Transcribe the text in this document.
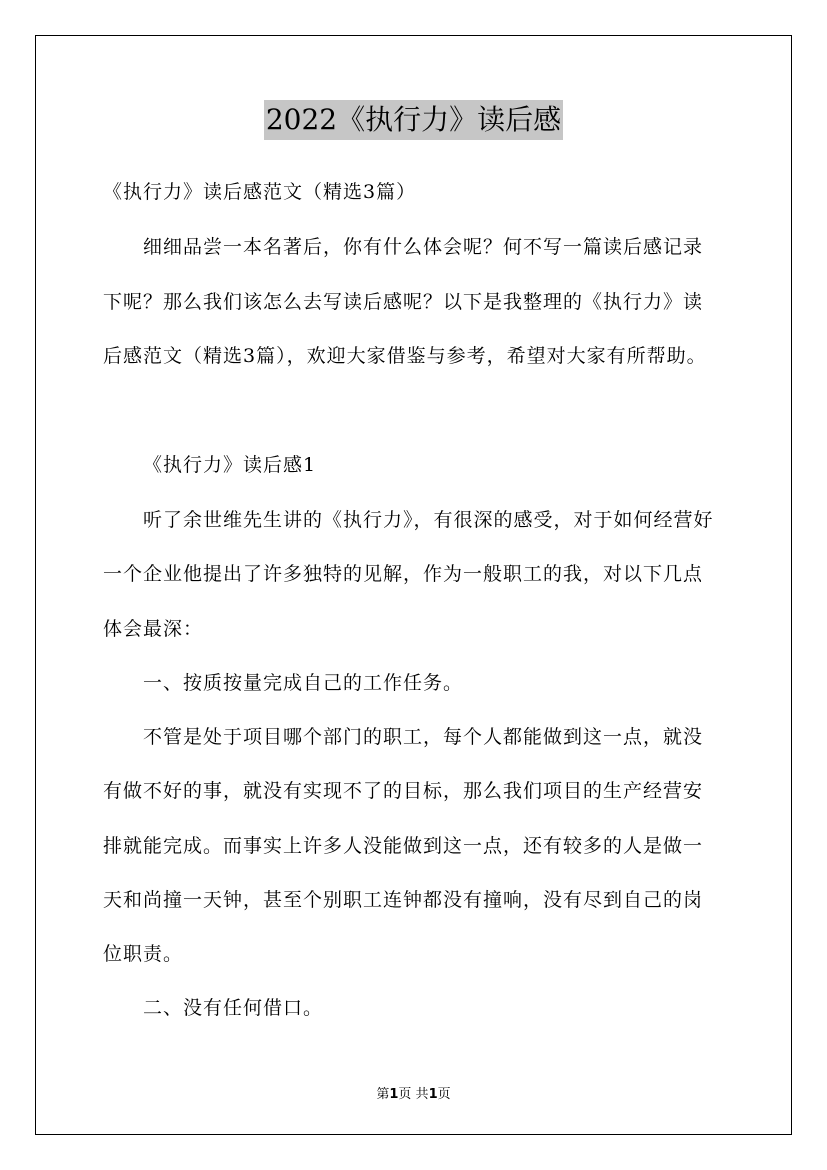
2022《执行力》读后感
《执行力》读后感范文（精选3篇）
细细品尝一本名著后，你有什么体会呢？何不写一篇读后感记录
下呢？那么我们该怎么去写读后感呢？以下是我整理的《执行力》读
后感范文（精选3篇），欢迎大家借鉴与参考，希望对大家有所帮助。
《执行力》读后感1
听了余世维先生讲的《执行力》，有很深的感受，对于如何经营好
一个企业他提出了许多独特的见解，作为一般职工的我，对以下几点
体会最深：
一、按质按量完成自己的工作任务。
不管是处于项目哪个部门的职工，每个人都能做到这一点，就没
有做不好的事，就没有实现不了的目标，那么我们项目的生产经营安
排就能完成。而事实上许多人没能做到这一点，还有较多的人是做一
天和尚撞一天钟，甚至个别职工连钟都没有撞响，没有尽到自己的岗
位职责。
二、没有任何借口。
第1页 共1页
